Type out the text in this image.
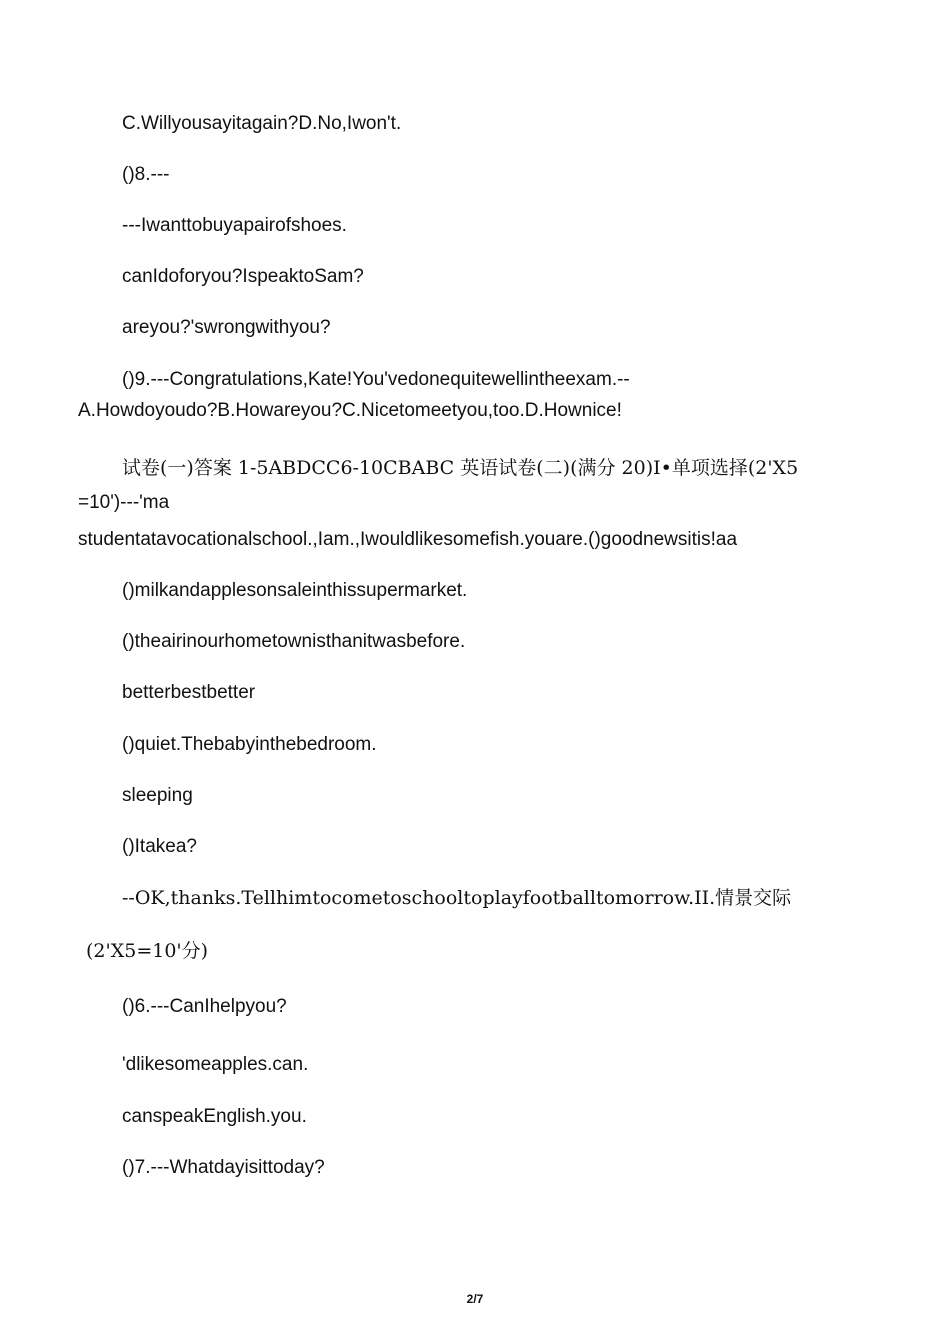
C.Willyousayitagain?D.No,Iwon't.
()8.---
---Iwanttobuyapairofshoes.
canIdoforyou?IspeaktoSam?
areyou?'swrongwithyou?
()9.---Congratulations,Kate!You'vedonequitewellintheexam.--
A.Howdoyoudo?B.Howareyou?C.Nicetomeetyou,too.D.Hownice!
试卷(一)答案 1-5ABDCC6-10CBABC 英语试卷(二)(满分 20)I•单项选择(2'X5
=10')---'ma
studentatavocationalschool.,Iam.,Iwouldlikesomefish.youare.()goodnewsitis!aa
()milkandapplesonsaleinthissupermarket.
()theairinourhometownisthanitwasbefore.
betterbestbetter
()quiet.Thebabyinthebedroom.
sleeping
()Itakea?
--OK,thanks.Tellhimtocometoschooltoplayfootballtomorrow.II.情景交际
(2'X5=10'分)
()6.---CanIhelpyou?
'dlikesomeapples.can.
canspeakEnglish.you.
()7.---Whatdayisittoday?
2/7
